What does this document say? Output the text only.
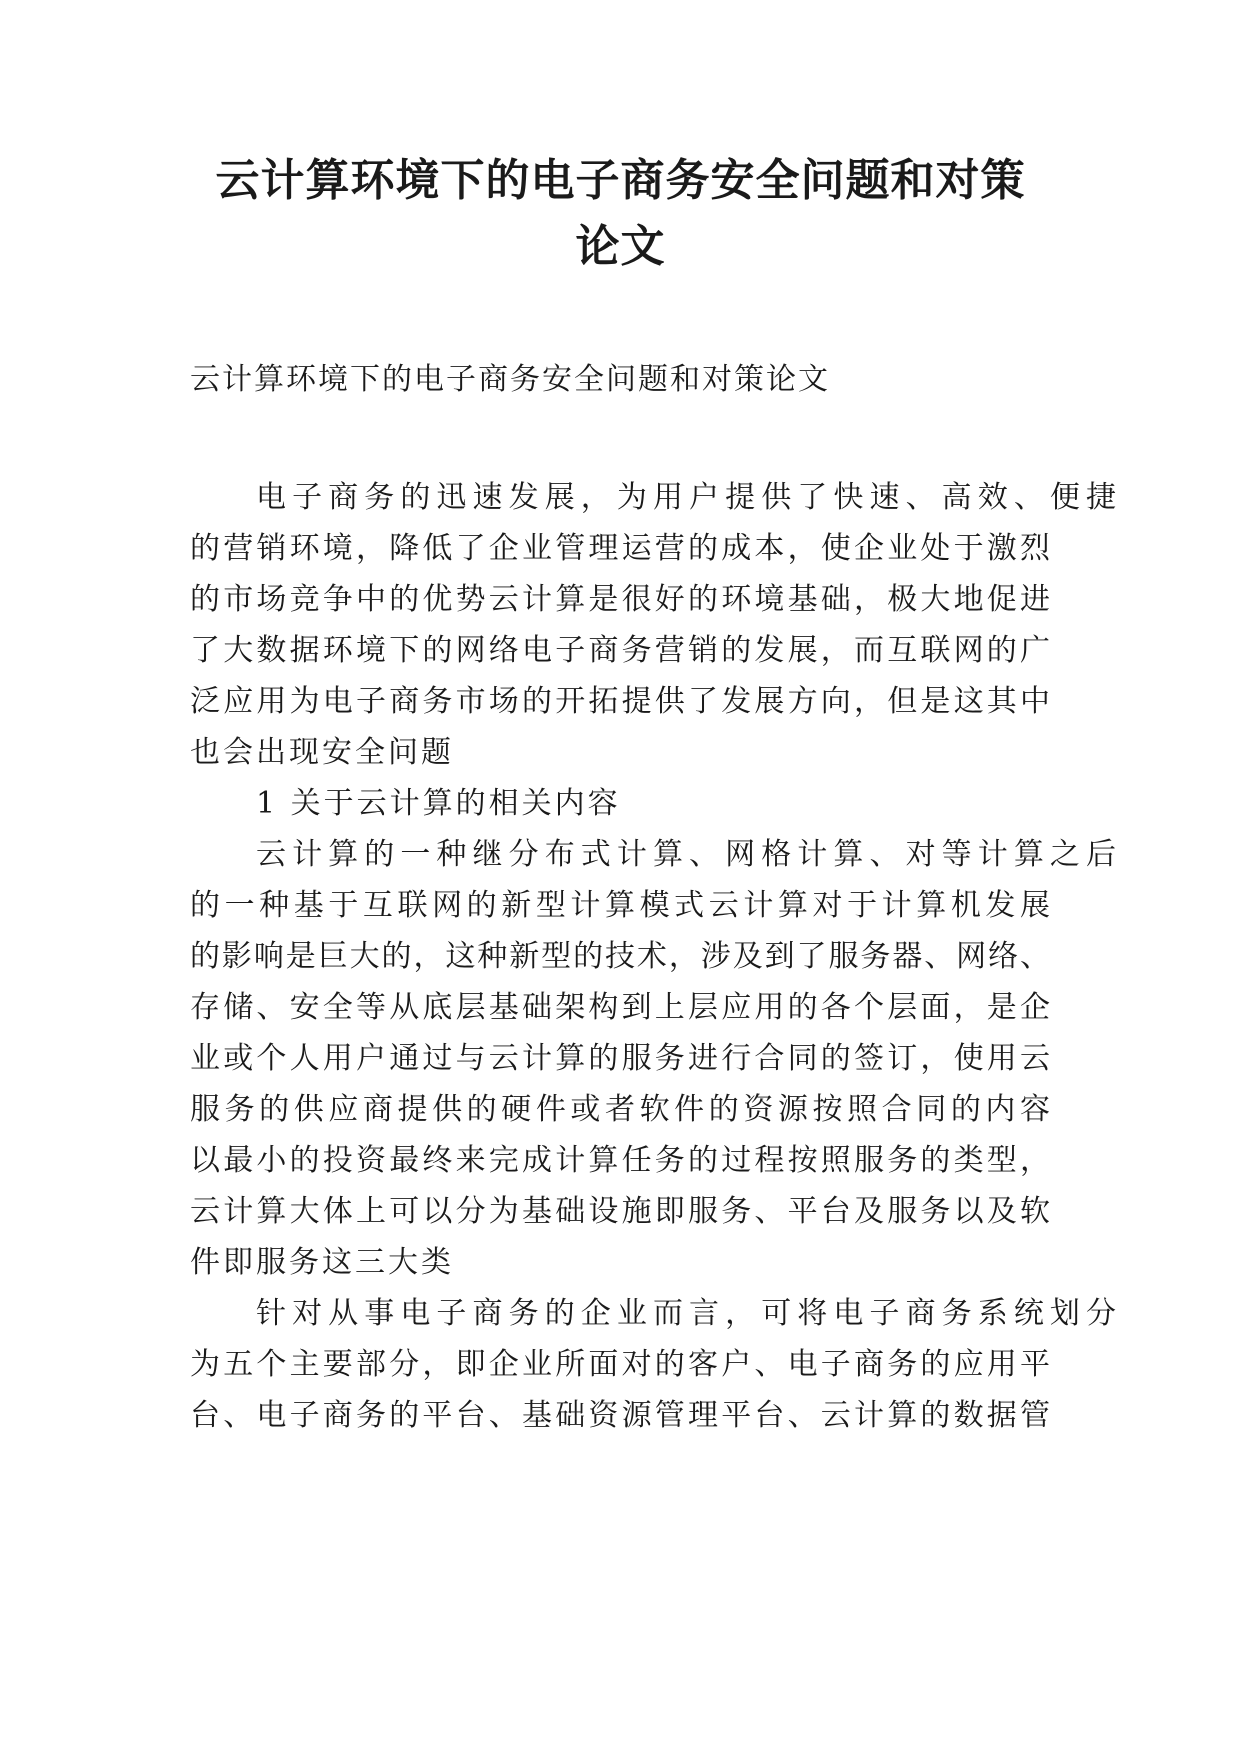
云计算环境下的电子商务安全问题和对策
论文

云计算环境下的电子商务安全问题和对策论文

电子商务的迅速发展，为用户提供了快速、高效、便捷
的营销环境，降低了企业管理运营的成本，使企业处于激烈
的市场竞争中的优势云计算是很好的环境基础，极大地促进
了大数据环境下的网络电子商务营销的发展，而互联网的广
泛应用为电子商务市场的开拓提供了发展方向，但是这其中
也会出现安全问题
1 关于云计算的相关内容
云计算的一种继分布式计算、网格计算、对等计算之后
的一种基于互联网的新型计算模式云计算对于计算机发展
的影响是巨大的，这种新型的技术，涉及到了服务器、网络、
存储、安全等从底层基础架构到上层应用的各个层面，是企
业或个人用户通过与云计算的服务进行合同的签订，使用云
服务的供应商提供的硬件或者软件的资源按照合同的内容
以最小的投资最终来完成计算任务的过程按照服务的类型，
云计算大体上可以分为基础设施即服务、平台及服务以及软
件即服务这三大类
针对从事电子商务的企业而言，可将电子商务系统划分
为五个主要部分，即企业所面对的客户、电子商务的应用平
台、电子商务的平台、基础资源管理平台、云计算的数据管
